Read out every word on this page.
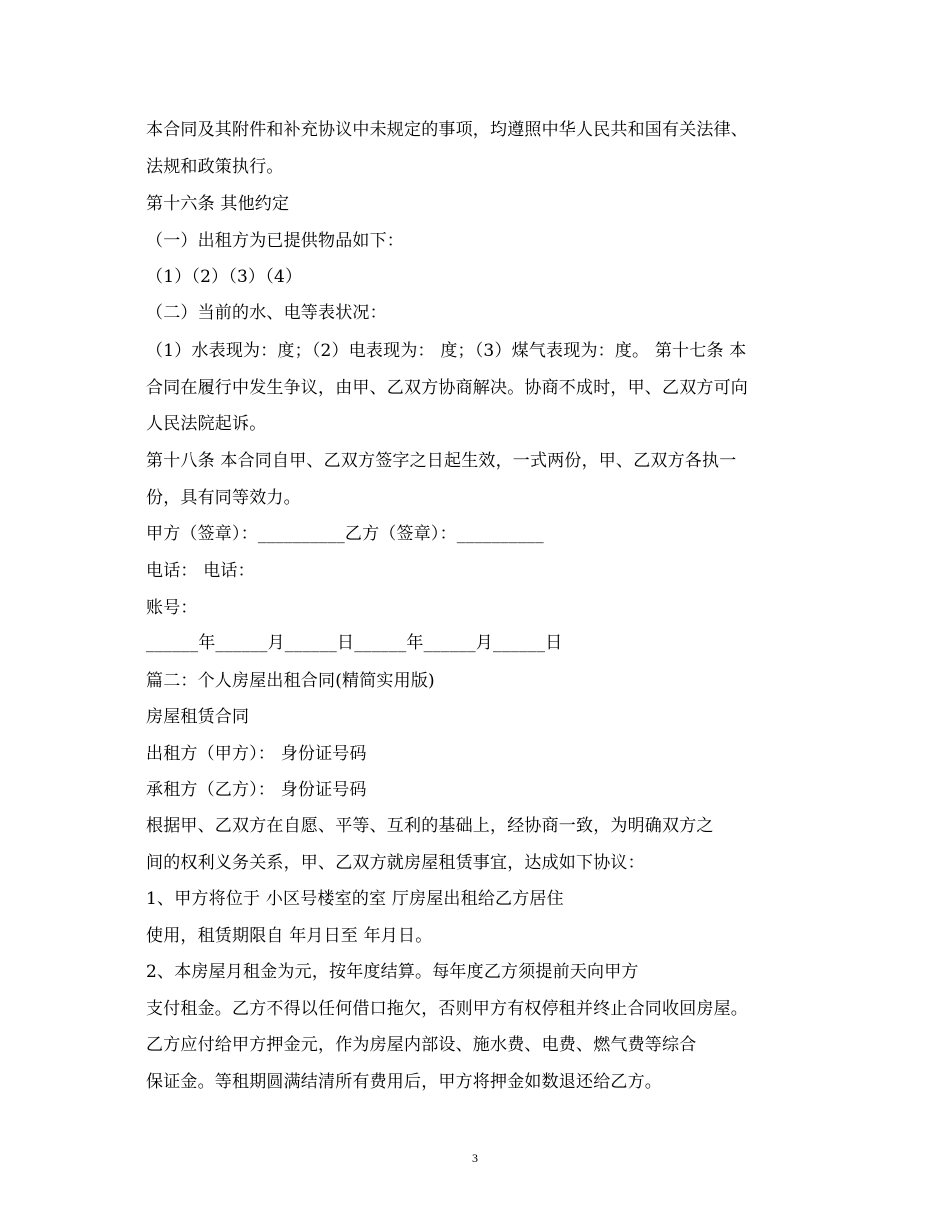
本合同及其附件和补充协议中未规定的事项，均遵照中华人民共和国有关法律、
法规和政策执行。
第十六条 其他约定
（一）出租方为已提供物品如下：
（1）（2）（3）（4）
（二）当前的水、电等表状况：
（1）水表现为：度；（2）电表现为： 度；（3）煤气表现为：度。 第十七条 本
合同在履行中发生争议，由甲、乙双方协商解决。协商不成时，甲、乙双方可向
人民法院起诉。
第十八条 本合同自甲、乙双方签字之日起生效，一式两份，甲、乙双方各执一
份，具有同等效力。
甲方（签章）：__________乙方（签章）：__________
电话： 电话：
账号：
______年______月______日______年______月______日
篇二：个人房屋出租合同(精简实用版)
房屋租赁合同
出租方（甲方）： 身份证号码
承租方（乙方）： 身份证号码
根据甲、乙双方在自愿、平等、互利的基础上，经协商一致，为明确双方之
间的权利义务关系，甲、乙双方就房屋租赁事宜，达成如下协议：
1、甲方将位于 小区号楼室的室 厅房屋出租给乙方居住
使用，租赁期限自 年月日至 年月日。
2、本房屋月租金为元，按年度结算。每年度乙方须提前天向甲方
支付租金。乙方不得以任何借口拖欠，否则甲方有权停租并终止合同收回房屋。
乙方应付给甲方押金元，作为房屋内部设、施水费、电费、燃气费等综合
保证金。等租期圆满结清所有费用后，甲方将押金如数退还给乙方。
3
